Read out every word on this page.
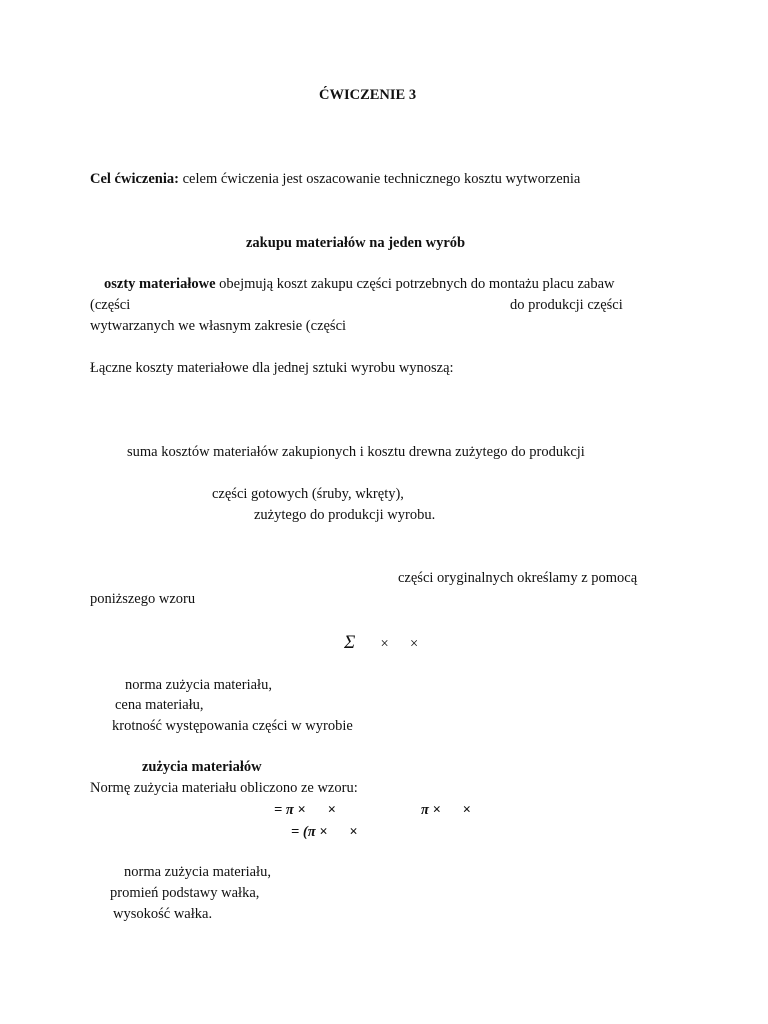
ĆWICZENIE 3
Cel ćwiczenia: celem ćwiczenia jest oszacowanie technicznego kosztu wytworzenia
zakupu materiałów na jeden wyrób
oszty materiałowe obejmują koszt zakupu części potrzebnych do montażu placu zabaw
(części	do produkcji części
wytwarzanych we własnym zakresie (części
Łączne koszty materiałowe dla jednej sztuki wyrobu wynoszą:
suma kosztów materiałów zakupionych i kosztu drewna zużytego do produkcji
części gotowych (śruby, wkręty),
zużytego do produkcji wyrobu.
części oryginalnych określamy z pomocą
poniższego wzoru
Σ × ×
norma zużycia materiału,
cena materiału,
krotność występowania części w wyrobie
zużycia materiałów
Normę zużycia materiału obliczono ze wzoru:
= π ×      ×	π ×      ×
= (π ×      ×
norma zużycia materiału,
promień podstawy wałka,
wysokość wałka.
